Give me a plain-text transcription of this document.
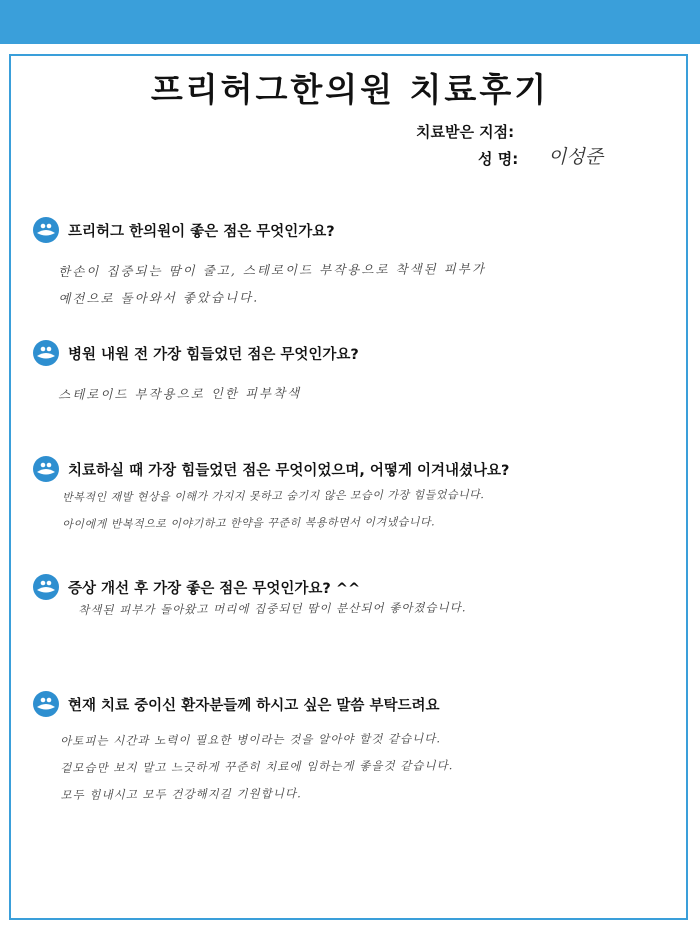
프리허그한의원 치료후기
치료받은 지점:
성 명: 이성준
프리허그 한의원이 좋은 점은 무엇인가요?
한손이 집중되는 땀이 줄고, 스테로이드 부작용으로 착색된 피부가
예전으로 돌아와서 좋았습니다.
병원 내원 전 가장 힘들었던 점은 무엇인가요?
스테로이드 부작용으로 인한 피부착색
치료하실 때 가장 힘들었던 점은 무엇이었으며, 어떻게 이겨내셨나요?
반복적인 재발 현상을 이해가 가지지 못하고 숨기지 않은 모습이 가장 힘들었습니다.
아이에게 반복적으로 이야기하고 한약을 꾸준히 복용하면서 이겨냈습니다.
증상 개선 후 가장 좋은 점은 무엇인가요? ^^
착색된 피부가 돌아왔고 머리에 집중되던 땀이 분산되어 좋아졌습니다.
현재 치료 중이신 환자분들께 하시고 싶은 말씀 부탁드려요
아토피는 시간과 노력이 필요한 병이라는 것을 알아야 할것 같습니다.
겉모습만 보지 말고 느긋하게 꾸준히 치료에 임하는게 좋을것 같습니다.
모두 힘내시고 모두 건강해지길 기원합니다.
